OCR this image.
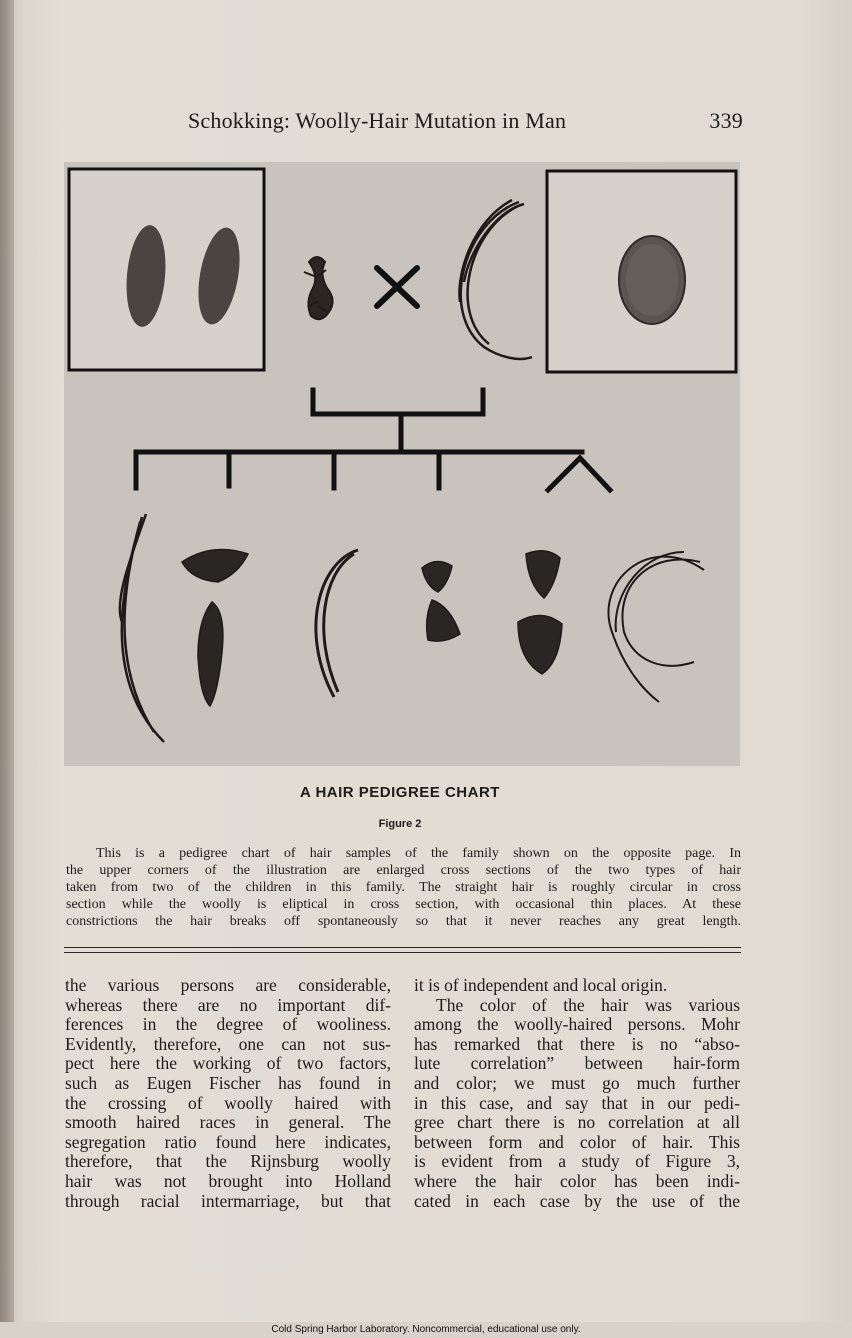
Schokking: Woolly-Hair Mutation in Man	339
A HAIR PEDIGREE CHART
Figure 2
This is a pedigree chart of hair samples of the family shown on the opposite page. In
the upper corners of the illustration are enlarged cross sections of the two types of hair
taken from two of the children in this family. The straight hair is roughly circular in cross
section while the woolly is eliptical in cross section, with occasional thin places. At these
constrictions the hair breaks off spontaneously so that it never reaches any great length.
the various persons are considerable,
whereas there are no important dif-
ferences in the degree of wooliness.
Evidently, therefore, one can not sus-
pect here the working of two factors,
such as Eugen Fischer has found in
the crossing of woolly haired with
smooth haired races in general. The
segregation ratio found here indicates,
therefore, that the Rijnsburg woolly
hair was not brought into Holland
through racial intermarriage, but that
it is of independent and local origin.
The color of the hair was various
among the woolly-haired persons. Mohr
has remarked that there is no “abso-
lute correlation” between hair-form
and color; we must go much further
in this case, and say that in our pedi-
gree chart there is no correlation at all
between form and color of hair. This
is evident from a study of Figure 3,
where the hair color has been indi-
cated in each case by the use of the
Cold Spring Harbor Laboratory. Noncommercial, educational use only.
